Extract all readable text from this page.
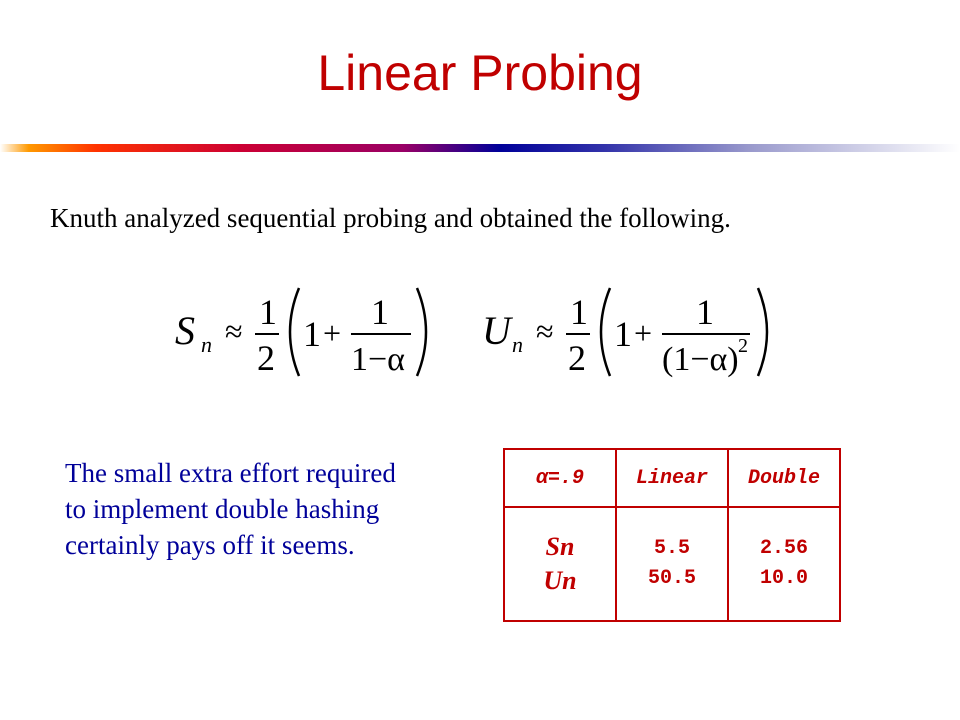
Linear Probing
Knuth analyzed sequential probing and obtained the following.
S n ≈ 1
2
1 +
1
1−α
U n ≈ 1
2
1 +
1
(1−α) 2
The small extra effort required
to implement double hashing
certainly pays off it seems.
α=.9
Sn
Un
Linear
5.5
50.5
Double
2.56
10.0
